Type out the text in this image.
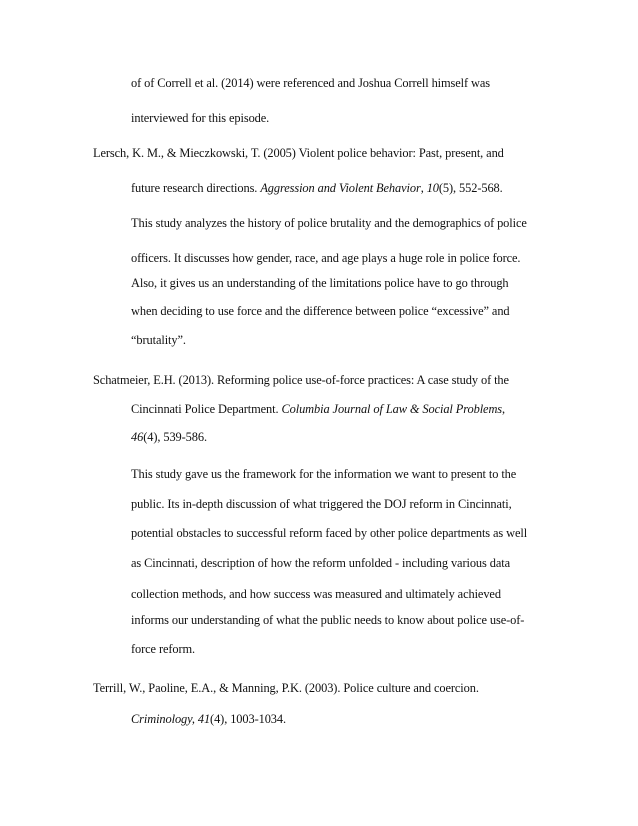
of of Correll et al. (2014) were referenced and Joshua Correll himself was
interviewed for this episode.
Lersch, K. M., & Mieczkowski, T. (2005) Violent police behavior: Past, present, and
future research directions. Aggression and Violent Behavior, 10(5), 552-568.
This study analyzes the history of police brutality and the demographics of police
officers. It discusses how gender, race, and age plays a huge role in police force.
Also, it gives us an understanding of the limitations police have to go through
when deciding to use force and the difference between police “excessive” and
“brutality”.
Schatmeier, E.H. (2013). Reforming police use-of-force practices: A case study of the
Cincinnati Police Department. Columbia Journal of Law & Social Problems,
46(4), 539-586.
This study gave us the framework for the information we want to present to the
public. Its in-depth discussion of what triggered the DOJ reform in Cincinnati,
potential obstacles to successful reform faced by other police departments as well
as Cincinnati, description of how the reform unfolded - including various data
collection methods, and how success was measured and ultimately achieved
informs our understanding of what the public needs to know about police use-of-
force reform.
Terrill, W., Paoline, E.A., & Manning, P.K. (2003). Police culture and coercion.
Criminology, 41(4), 1003-1034.
